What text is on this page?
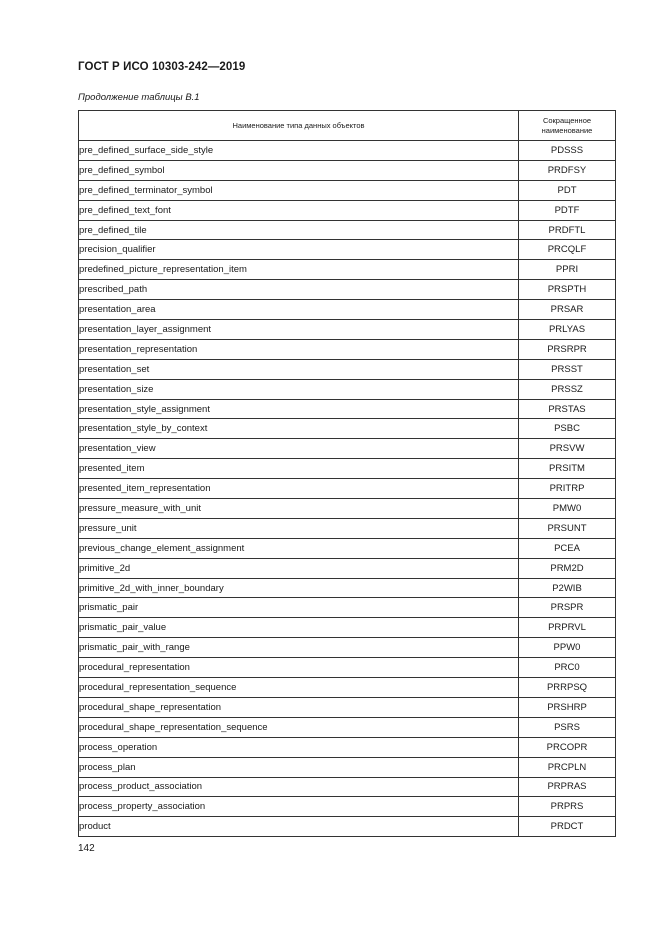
ГОСТ Р ИСО 10303-242—2019
Продолжение таблицы В.1
Наименование типа данных объектов	Сокращенное
наименование
pre_defined_surface_side_style	PDSSS
pre_defined_symbol	PRDFSY
pre_defined_terminator_symbol	PDT
pre_defined_text_font	PDTF
pre_defined_tile	PRDFTL
precision_qualifier	PRCQLF
predefined_picture_representation_item	PPRI
prescribed_path	PRSPTH
presentation_area	PRSAR
presentation_layer_assignment	PRLYAS
presentation_representation	PRSRPR
presentation_set	PRSST
presentation_size	PRSSZ
presentation_style_assignment	PRSTAS
presentation_style_by_context	PSBC
presentation_view	PRSVW
presented_item	PRSITM
presented_item_representation	PRITRP
pressure_measure_with_unit	PMW0
pressure_unit	PRSUNT
previous_change_element_assignment	PCEA
primitive_2d	PRM2D
primitive_2d_with_inner_boundary	P2WIB
prismatic_pair	PRSPR
prismatic_pair_value	PRPRVL
prismatic_pair_with_range	PPW0
procedural_representation	PRC0
procedural_representation_sequence	PRRPSQ
procedural_shape_representation	PRSHRP
procedural_shape_representation_sequence	PSRS
process_operation	PRCOPR
process_plan	PRCPLN
process_product_association	PRPRAS
process_property_association	PRPRS
product	PRDCT
142
